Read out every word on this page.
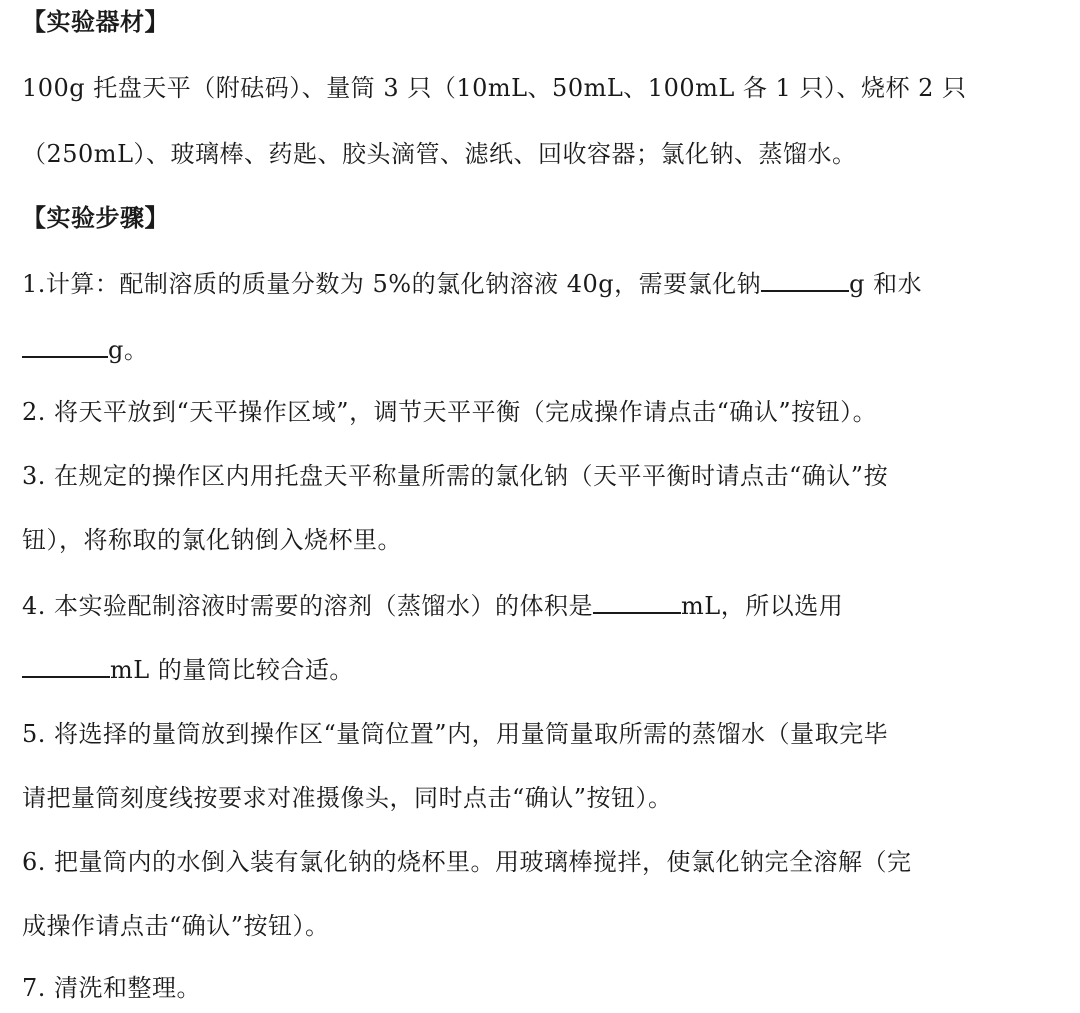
【实验器材】
100g 托盘天平（附砝码）、量筒 3 只（10mL、50mL、100mL 各 1 只）、烧杯 2 只
（250mL）、玻璃棒、药匙、胶头滴管、滤纸、回收容器；氯化钠、蒸馏水。
【实验步骤】
1.计算：配制溶质的质量分数为 5%的氯化钠溶液 40g，需要氯化钠	g 和水
g。
2. 将天平放到“天平操作区域”，调节天平平衡（完成操作请点击“确认”按钮）。
3. 在规定的操作区内用托盘天平称量所需的氯化钠（天平平衡时请点击“确认”按
钮），将称取的氯化钠倒入烧杯里。
4. 本实验配制溶液时需要的溶剂（蒸馏水）的体积是	mL，所以选用
mL 的量筒比较合适。
5. 将选择的量筒放到操作区“量筒位置”内，用量筒量取所需的蒸馏水（量取完毕
请把量筒刻度线按要求对准摄像头，同时点击“确认”按钮）。
6. 把量筒内的水倒入装有氯化钠的烧杯里。用玻璃棒搅拌，使氯化钠完全溶解（完
成操作请点击“确认”按钮）。
7. 清洗和整理。
